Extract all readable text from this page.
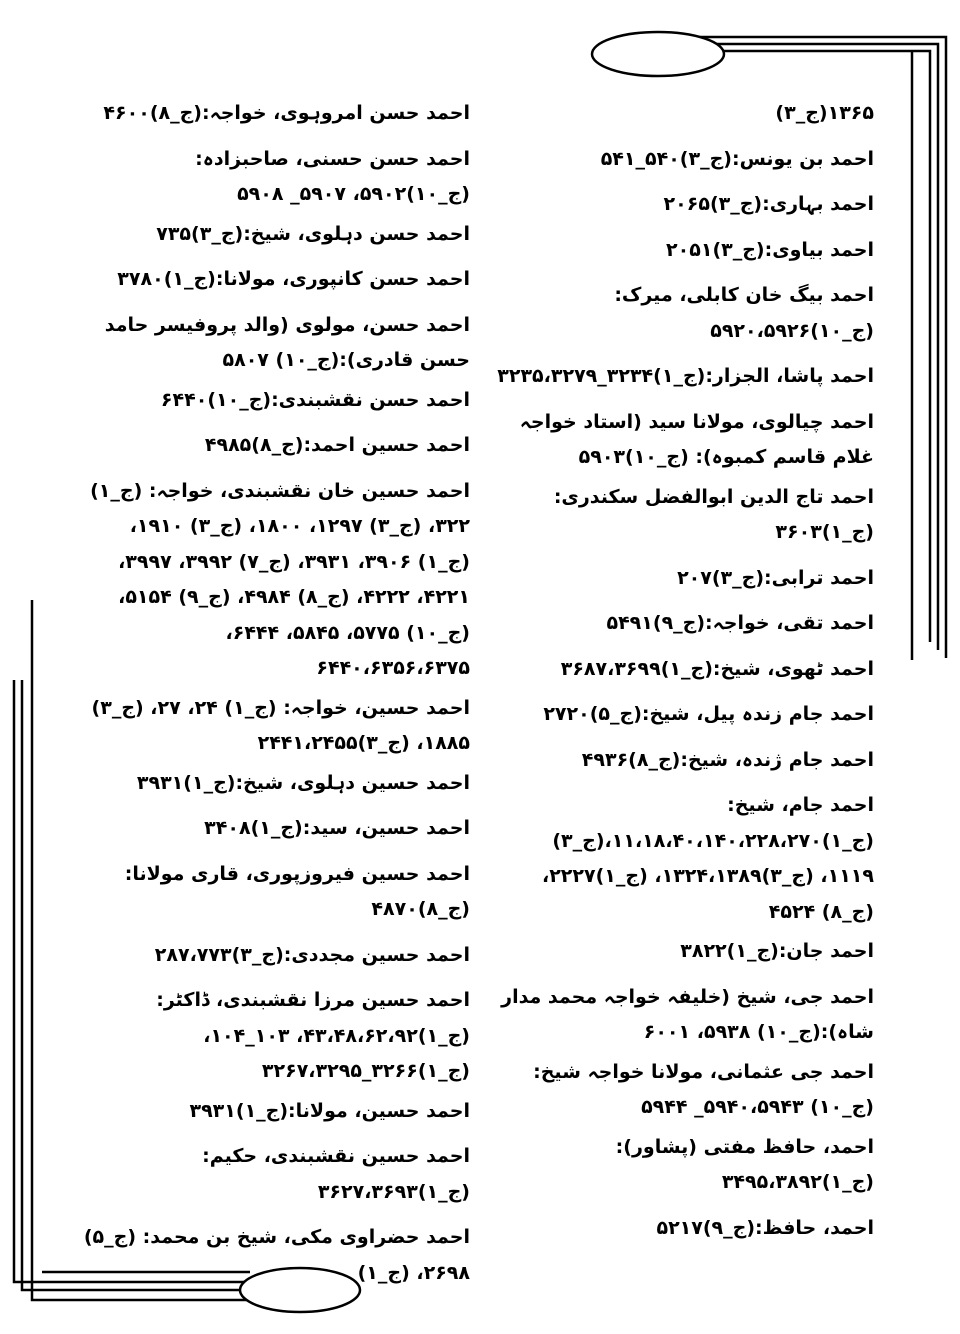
۱۳۶۵(ج_۳)
احمد بن یونس:(ج_۳)۵۴۰_۵۴۱
احمد بہاری:(ج_۳)۲۰۶۵
احمد بیاوی:(ج_۳)۲۰۵۱
احمد بیگ خان کابلی، میرک:(ج_۱۰)۵۹۲۰،۵۹۲۶
احمد پاشا، الجزار:(ج_۱)۳۲۳۴_۳۲۳۵،۳۲۷۹
احمد چیالوی، مولانا سید (استاد خواجہ غلام قاسم کمبوہ): (ج_۱۰)۵۹۰۳
احمد تاج الدین ابوالفضل سکندری:(ج_۱)۳۶۰۳
احمد ترابی:(ج_۳)۲۰۷
احمد تقی، خواجہ:(ج_۹)۵۴۹۱
احمد ٹھوی، شیخ:(ج_۱)۳۶۸۷،۳۶۹۹
احمد جام زندہ پیل، شیخ:(ج_۵)۲۷۲۰
احمد جام ژندہ، شیخ:(ج_۸)۴۹۳۶
احمد جام، شیخ:(ج_۱)۱۱،۱۸،۴۰،۱۴۰،۲۲۸،۲۷۰،(ج_۳) ۱۱۱۹، (ج_۳)۱۳۲۴،۱۳۸۹، (ج_۱)۲۲۲۷، (ج_۸) ۴۵۲۴
احمد جان:(ج_۱)۳۸۲۲
احمد جی، شیخ (خلیفہ خواجہ محمد مدار شاہ):(ج_۱۰) ۵۹۳۸، ۶۰۰۱
احمد جی عثمانی، مولانا خواجہ شیخ:(ج_۱۰) ۵۹۴۰،۵۹۴۳_ ۵۹۴۴
احمد، حافظ مفتی (پشاور):(ج_۱)۳۴۹۵،۳۸۹۲
احمد، حافظ:(ج_۹)۵۲۱۷
احمد حسن امروہوی، خواجہ:(ج_۸)۴۶۰۰
احمد حسن حسنی، صاحبزادہ: (ج_۱۰)۵۹۰۲، ۵۹۰۷_ ۵۹۰۸
احمد حسن دہلوی، شیخ:(ج_۳)۷۳۵
احمد حسن کانپوری، مولانا:(ج_۱)۳۷۸۰
احمد حسن، مولوی (والد پروفیسر حامد حسن قادری):(ج_۱۰) ۵۸۰۷
احمد حسن نقشبندی:(ج_۱۰)۶۴۴۰
احمد حسین احمد:(ج_۸)۴۹۸۵
احمد حسین خان نقشبندی، خواجہ: (ج_۱) ۳۲۲، (ج_۳) ۱۲۹۷، ۱۸۰۰، (ج_۳) ۱۹۱۰، (ج_۱) ۳۹۰۶، ۳۹۳۱، (ج_۷) ۳۹۹۲، ۳۹۹۷، ۴۲۲۱، ۴۲۲۲، (ج_۸) ۴۹۸۴، (ج_۹) ۵۱۵۴، (ج_۱۰) ۵۷۷۵، ۵۸۴۵، ۶۴۴۴، ۶۴۴۰،۶۳۵۶،۶۳۷۵
احمد حسین، خواجہ: (ج_۱) ۲۴، ۲۷، (ج_۳) ۱۸۸۵، (ج_۳)۲۴۴۱،۲۴۵۵
احمد حسین دہلوی، شیخ:(ج_۱)۳۹۳۱
احمد حسین، سید:(ج_۱)۳۴۰۸
احمد حسین فیروزپوری، قاری مولانا:(ج_۸)۴۸۷۰
احمد حسین مجددی:(ج_۳)۲۸۷،۷۷۳
احمد حسین مرزا نقشبندی، ڈاکٹر:(ج_۱)۴۳،۴۸،۶۲،۹۲، ۱۰۳_۱۰۴،(ج_۱)۳۲۶۶_۳۲۶۷،۳۲۹۵
احمد حسین، مولانا:(ج_۱)۳۹۳۱
احمد حسین نقشبندی، حکیم:(ج_۱)۳۶۲۷،۳۶۹۳
احمد حضراوی مکی، شیخ بن محمد: (ج_۵) ۲۶۹۸، (ج_۱)
